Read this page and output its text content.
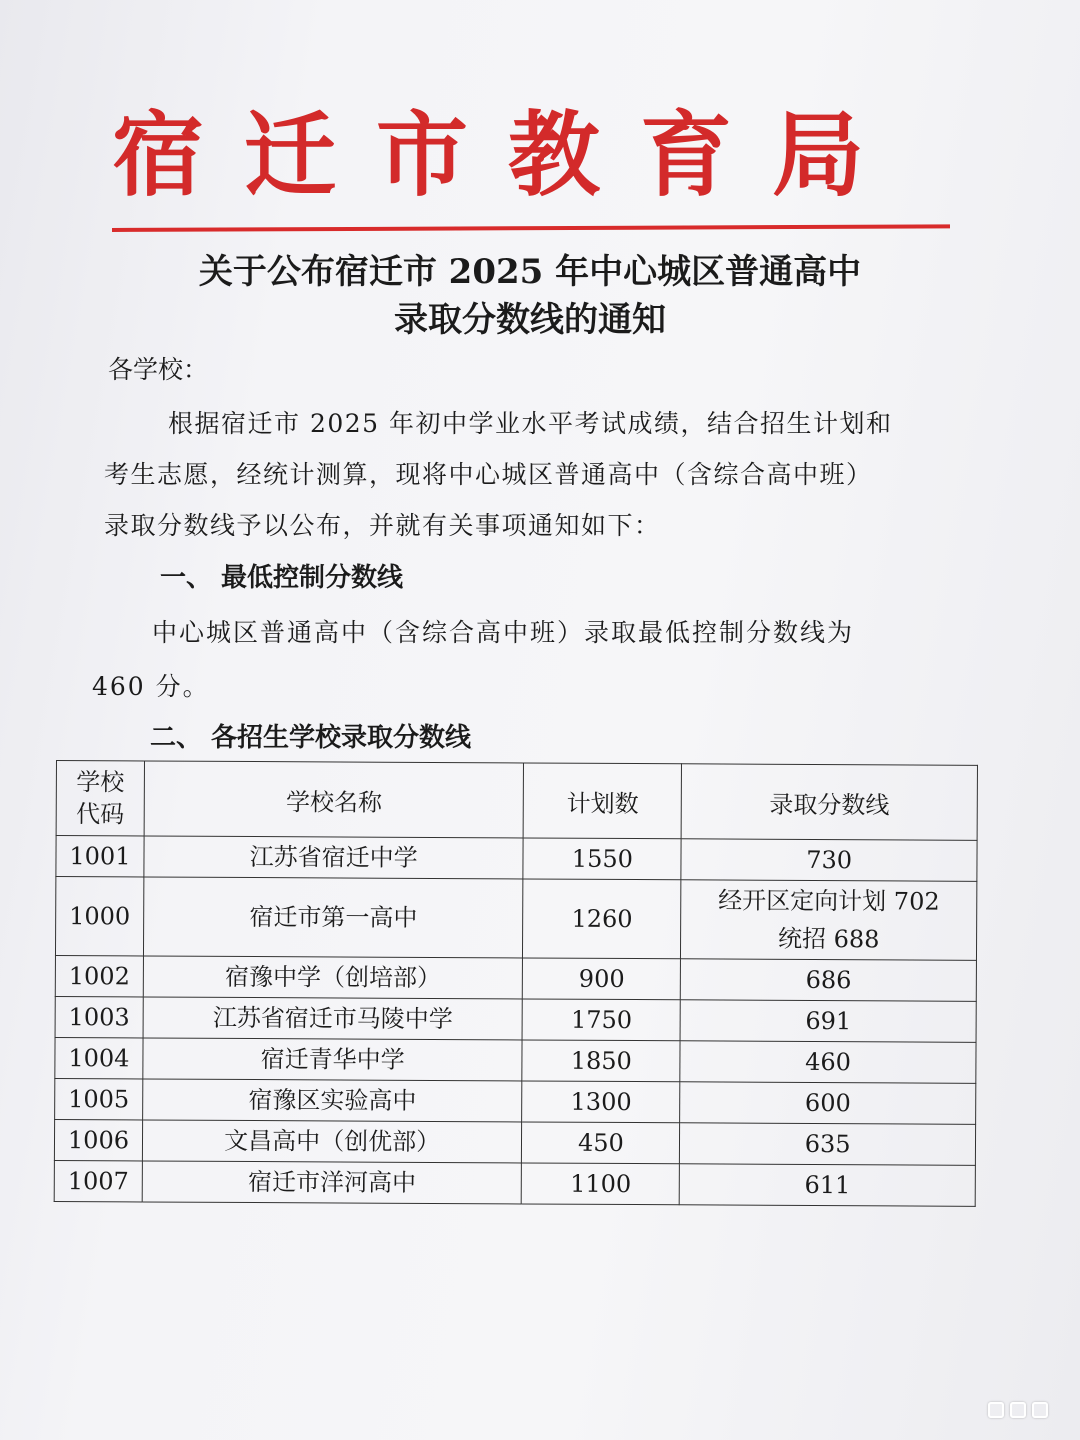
宿迁市教育局
关于公布宿迁市 2025 年中心城区普通高中
录取分数线的通知
各学校：
根据宿迁市 2025 年初中学业水平考试成绩，结合招生计划和
考生志愿，经统计测算，现将中心城区普通高中（含综合高中班）
录取分数线予以公布，并就有关事项通知如下：
一、 最低控制分数线
中心城区普通高中（含综合高中班）录取最低控制分数线为
460 分。
二、 各招生学校录取分数线
学校
代码	学校名称	计划数	录取分数线
1001	江苏省宿迁中学	1550	730
1000	宿迁市第一高中	1260	经开区定向计划 702
统招 688
1002	宿豫中学（创培部）	900	686
1003	江苏省宿迁市马陵中学	1750	691
1004	宿迁青华中学	1850	460
1005	宿豫区实验高中	1300	600
1006	文昌高中（创优部）	450	635
1007	宿迁市洋河高中	1100	611
